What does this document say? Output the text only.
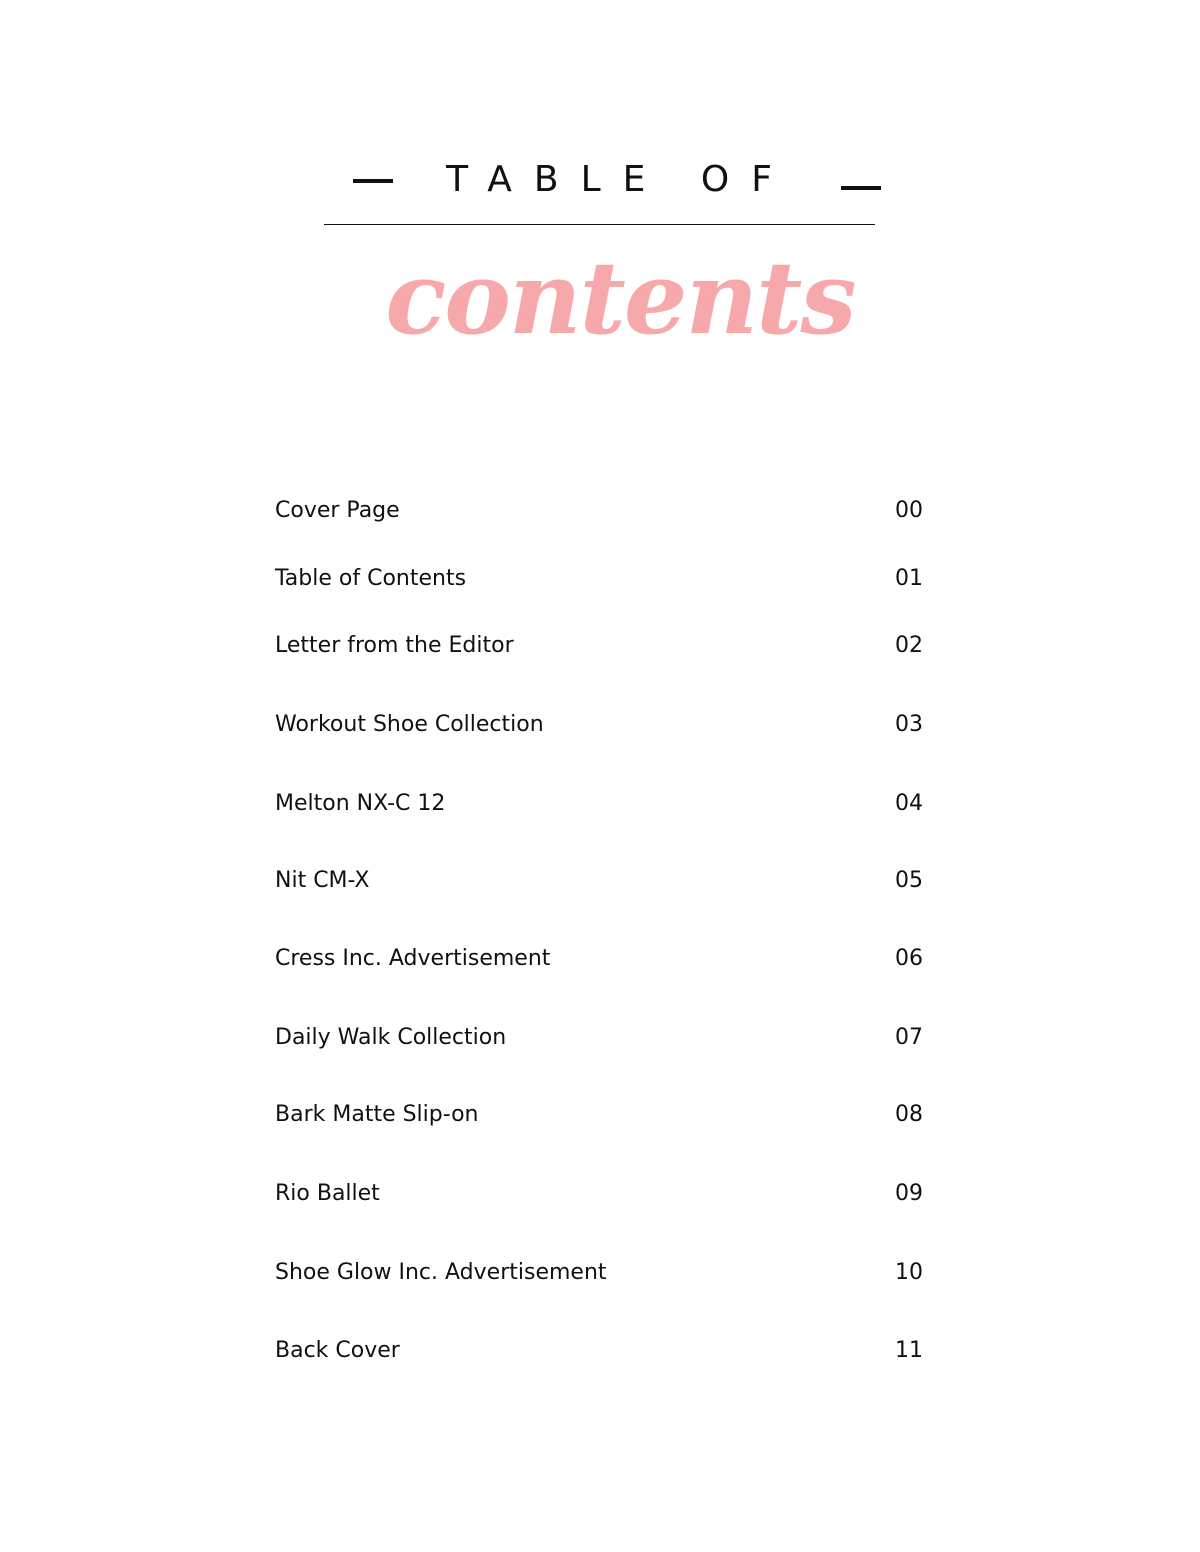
TABLE OF
contents
Cover Page	00
Table of Contents	01
Letter from the Editor	02
Workout Shoe Collection	03
Melton NX-C 12	04
Nit CM-X	05
Cress Inc. Advertisement	06
Daily Walk Collection	07
Bark Matte Slip-on	08
Rio Ballet	09
Shoe Glow Inc. Advertisement	10
Back Cover	11
